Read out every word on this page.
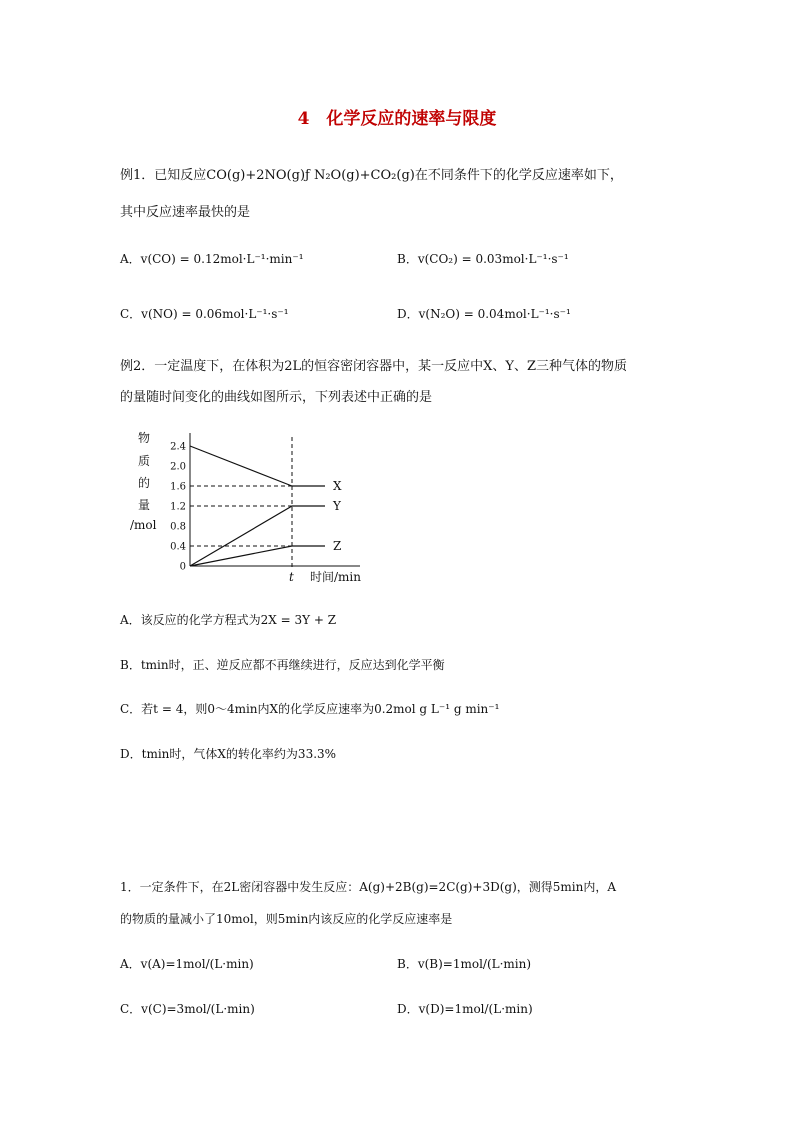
4　化学反应的速率与限度
例1．已知反应CO(g)+2NO(g)ƒ N₂O(g)+CO₂(g)在不同条件下的化学反应速率如下，
其中反应速率最快的是
A．v(CO) = 0.12mol·L⁻¹·min⁻¹	B．v(CO₂) = 0.03mol·L⁻¹·s⁻¹
C．v(NO) = 0.06mol·L⁻¹·s⁻¹	D．v(N₂O) = 0.04mol·L⁻¹·s⁻¹
例2．一定温度下，在体积为2L的恒容密闭容器中，某一反应中X、Y、Z三种气体的物质
的量随时间变化的曲线如图所示，下列表述中正确的是
物
质
的
量
/mol
2.4
2.0
1.6
1.2
0.8
0.4
0
X
Y
Z
t 时间/min
A．该反应的化学方程式为2X = 3Y + Z
B．tmin时，正、逆反应都不再继续进行，反应达到化学平衡
C．若t = 4，则0～4min内X的化学反应速率为0.2mol g L⁻¹ g min⁻¹
D．tmin时，气体X的转化率约为33.3%
1．一定条件下，在2L密闭容器中发生反应：A(g)+2B(g)=2C(g)+3D(g)，测得5min内，A
的物质的量减小了10mol，则5min内该反应的化学反应速率是
A．v(A)=1mol/(L·min)	B．v(B)=1mol/(L·min)
C．v(C)=3mol/(L·min)	D．v(D)=1mol/(L·min)
